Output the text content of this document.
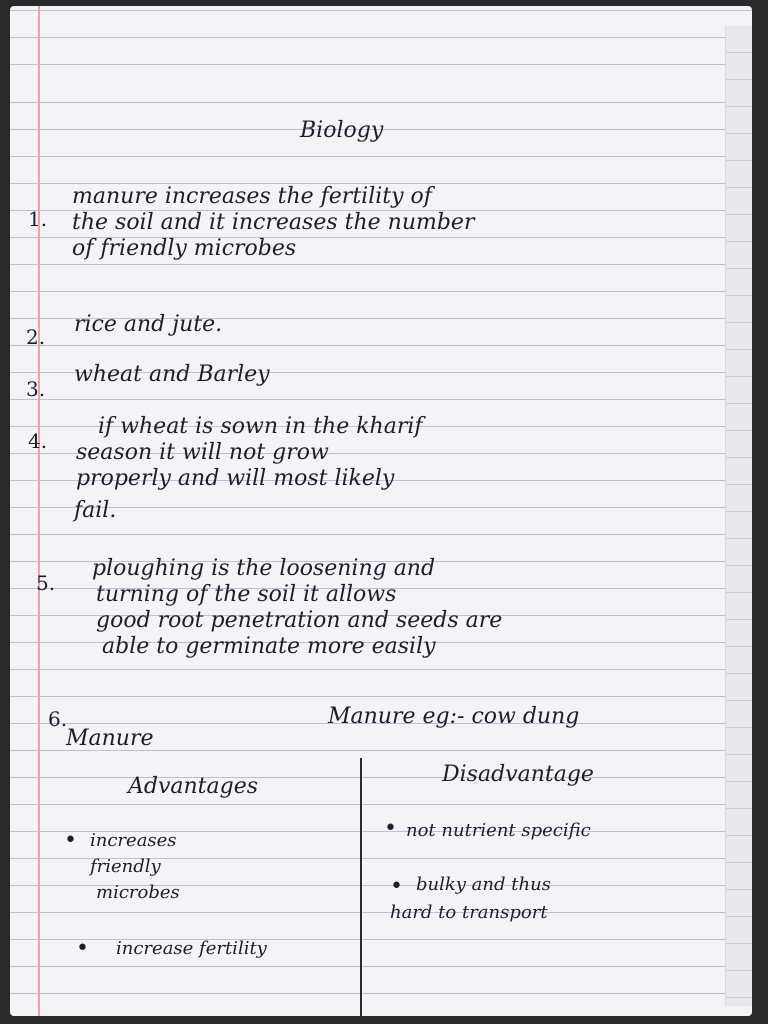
Biology
1.
manure increases the fertility of
the soil and it increases the number
of friendly microbes
2. rice and jute.
3.
wheat and Barley
4.
if wheat is sown in the kharif
season it will not grow
properly and will most likely
fail.
5.
ploughing is the loosening and
turning of the soil it allows
good root penetration and seeds are
able to germinate more easily
6.
Manure
Manure eg:- cow dung
Advantages	Disadvantage
• increases
friendly
microbes
• increase fertility
• not nutrient specific
• bulky and thus
hard to transport
